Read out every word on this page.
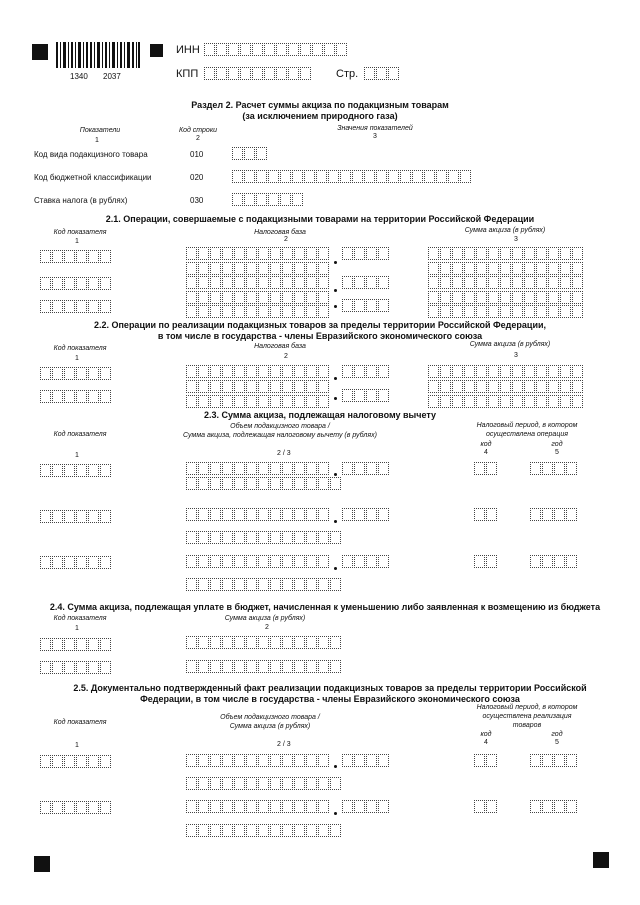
1340 2037
ИНН
КПП	Стр.
Раздел 2. Расчет суммы акциза по подакцизным товарам
(за исключением природного газа)
Показатели	Код строки	Значения показателей
1	2	3
Код вида подакцизного товара	010
Код бюджетной классификации	020
Ставка налога (в рублях)	030
2.1. Операции, совершаемые с подакцизными товарами на территории Российской Федерации
Код показателя	Налоговая база	Сумма акциза (в рублях)
1	2	3
2.2. Операции по реализации подакцизных товаров за пределы территории Российской Федерации,
в том числе в государства - члены Евразийского экономического союза
Код показателя	Налоговая база	Сумма акциза (в рублях)
1	2	3
2.3. Сумма акциза, подлежащая налоговому вычету
Код показателя
Объем подакцизного товара /
Сумма акциза, подлежащая налоговому вычету (в рублях)
Налоговый период, в котором
осуществлена операция
код	год
1	2 / 3	4	5
2.4. Сумма акциза, подлежащая уплате в бюджет, начисленная к уменьшению либо заявленная к возмещению из бюджета
Код показателя	Сумма акциза (в рублях)
1	2
2.5. Документально подтвержденный факт реализации подакцизных товаров за пределы территории Российской
Федерации, в том числе в государства - члены Евразийского экономического союза
Код показателя
Объем подакцизного товара /
Сумма акциза (в рублях)
Налоговый период, в котором
осуществлена реализация
товаров
код	год
1	2 / 3	4	5
